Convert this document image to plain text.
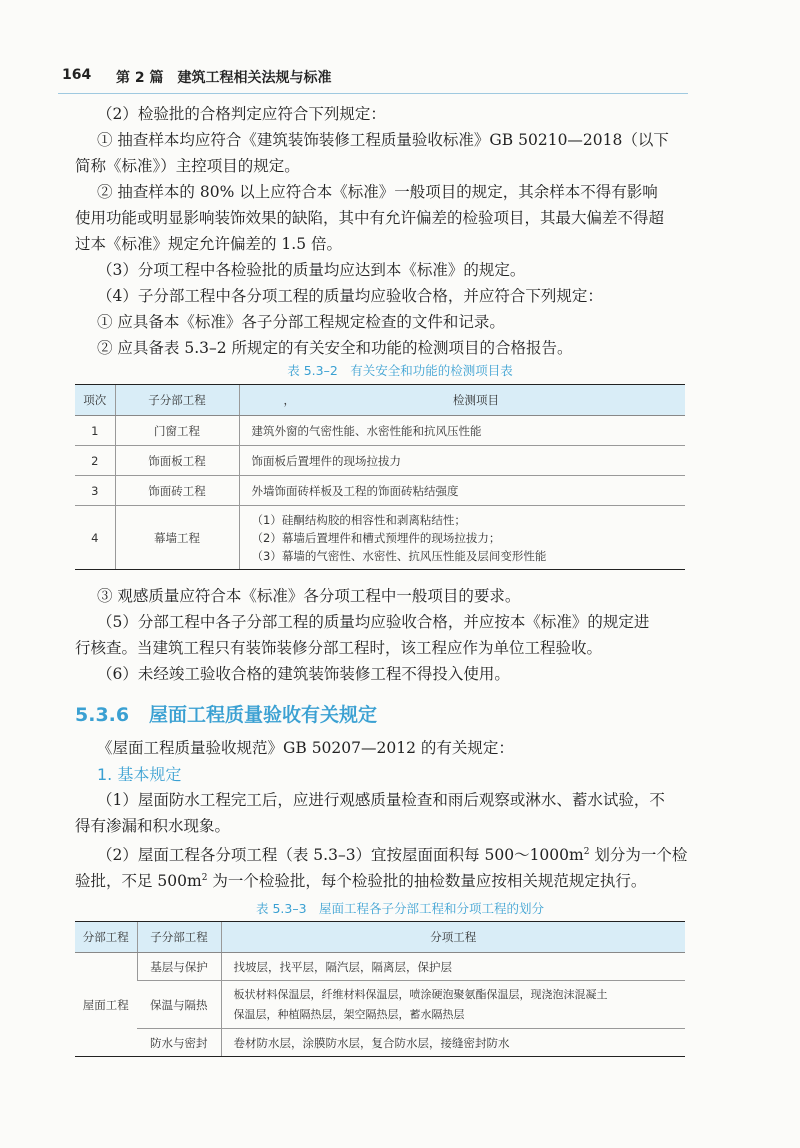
164 第 2 篇　建筑工程相关法规与标准
（2）检验批的合格判定应符合下列规定：
① 抽查样本均应符合《建筑装饰装修工程质量验收标准》GB 50210—2018（以下
简称《标准》）主控项目的规定。
② 抽查样本的 80% 以上应符合本《标准》一般项目的规定，其余样本不得有影响
使用功能或明显影响装饰效果的缺陷，其中有允许偏差的检验项目，其最大偏差不得超
过本《标准》规定允许偏差的 1.5 倍。
（3）分项工程中各检验批的质量均应达到本《标准》的规定。
（4）子分部工程中各分项工程的质量均应验收合格，并应符合下列规定：
① 应具备本《标准》各子分部工程规定检查的文件和记录。
② 应具备表 5.3–2 所规定的有关安全和功能的检测项目的合格报告。
表 5.3–2　有关安全和功能的检测项目表
项次	子分部工程	， 检测项目
1	门窗工程	建筑外窗的气密性能、水密性能和抗风压性能
2	饰面板工程	饰面板后置埋件的现场拉拔力
3	饰面砖工程	外墙饰面砖样板及工程的饰面砖粘结强度
4	幕墙工程	（1）硅酮结构胶的相容性和剥离粘结性；
（2）幕墙后置埋件和槽式预埋件的现场拉拔力；
（3）幕墙的气密性、水密性、抗风压性能及层间变形性能
③ 观感质量应符合本《标准》各分项工程中一般项目的要求。
（5）分部工程中各子分部工程的质量均应验收合格，并应按本《标准》的规定进
行核查。当建筑工程只有装饰装修分部工程时，该工程应作为单位工程验收。
（6）未经竣工验收合格的建筑装饰装修工程不得投入使用。
5.3.6 屋面工程质量验收有关规定
《屋面工程质量验收规范》GB 50207—2012 的有关规定：
1. 基本规定
（1）屋面防水工程完工后，应进行观感质量检查和雨后观察或淋水、蓄水试验，不
得有渗漏和积水现象。
（2）屋面工程各分项工程（表 5.3–3）宜按屋面面积每 $500\sim 1000m^2$ 划分为一个检
验批，不足 $500m^2$ 为一个检验批，每个检验批的抽检数量应按相关规范规定执行。
表 5.3–3　屋面工程各子分部工程和分项工程的划分
分部工程	子分部工程	分项工程
屋面工程	基层与保护	找坡层，找平层，隔汽层，隔离层，保护层
	保温与隔热	板状材料保温层，纤维材料保温层，喷涂硬泡聚氨酯保温层，现浇泡沫混凝土
保温层，种植隔热层，架空隔热层，蓄水隔热层

	防水与密封	卷材防水层，涂膜防水层，复合防水层，接缝密封防水
